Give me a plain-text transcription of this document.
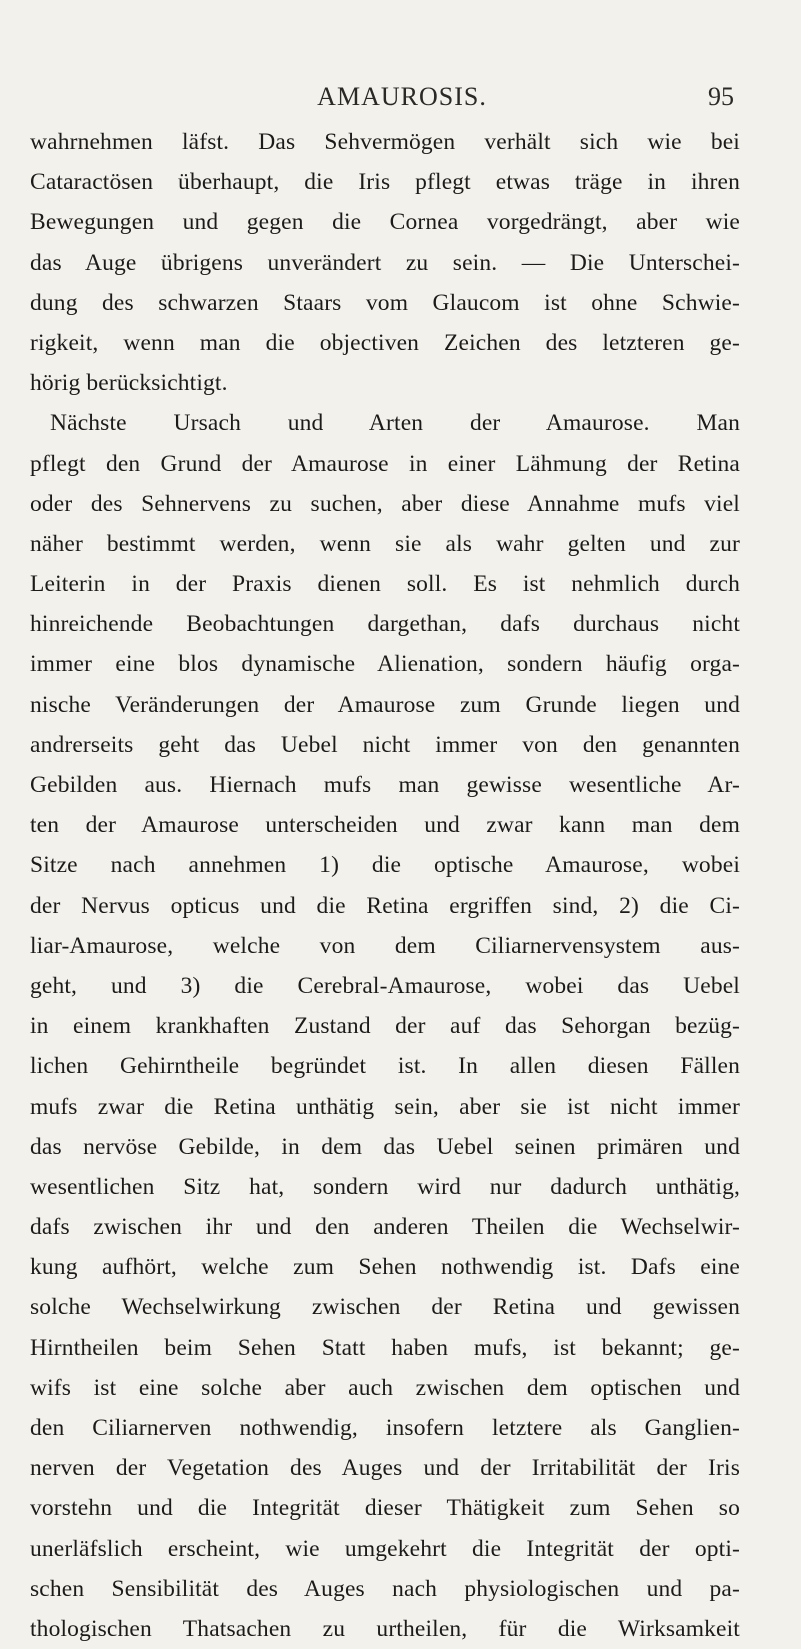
AMAUROSIS.	95
wahrnehmen läfst. Das Sehvermögen verhält sich wie bei
Cataractösen überhaupt, die Iris pflegt etwas träge in ihren
Bewegungen und gegen die Cornea vorgedrängt, aber wie
das Auge übrigens unverändert zu sein. — Die Unterschei-
dung des schwarzen Staars vom Glaucom ist ohne Schwie-
rigkeit, wenn man die objectiven Zeichen des letzteren ge-
hörig berücksichtigt.
Nächste Ursach und Arten der Amaurose. Man
pflegt den Grund der Amaurose in einer Lähmung der Retina
oder des Sehnervens zu suchen, aber diese Annahme mufs viel
näher bestimmt werden, wenn sie als wahr gelten und zur
Leiterin in der Praxis dienen soll. Es ist nehmlich durch
hinreichende Beobachtungen dargethan, dafs durchaus nicht
immer eine blos dynamische Alienation, sondern häufig orga-
nische Veränderungen der Amaurose zum Grunde liegen und
andrerseits geht das Uebel nicht immer von den genannten
Gebilden aus. Hiernach mufs man gewisse wesentliche Ar-
ten der Amaurose unterscheiden und zwar kann man dem
Sitze nach annehmen 1) die optische Amaurose, wobei
der Nervus opticus und die Retina ergriffen sind, 2) die Ci-
liar-Amaurose, welche von dem Ciliarnervensystem aus-
geht, und 3) die Cerebral-Amaurose, wobei das Uebel
in einem krankhaften Zustand der auf das Sehorgan bezüg-
lichen Gehirntheile begründet ist. In allen diesen Fällen
mufs zwar die Retina unthätig sein, aber sie ist nicht immer
das nervöse Gebilde, in dem das Uebel seinen primären und
wesentlichen Sitz hat, sondern wird nur dadurch unthätig,
dafs zwischen ihr und den anderen Theilen die Wechselwir-
kung aufhört, welche zum Sehen nothwendig ist. Dafs eine
solche Wechselwirkung zwischen der Retina und gewissen
Hirntheilen beim Sehen Statt haben mufs, ist bekannt; ge-
wifs ist eine solche aber auch zwischen dem optischen und
den Ciliarnerven nothwendig, insofern letztere als Ganglien-
nerven der Vegetation des Auges und der Irritabilität der Iris
vorstehn und die Integrität dieser Thätigkeit zum Sehen so
unerläfslich erscheint, wie umgekehrt die Integrität der opti-
schen Sensibilität des Auges nach physiologischen und pa-
thologischen Thatsachen zu urtheilen, für die Wirksamkeit
